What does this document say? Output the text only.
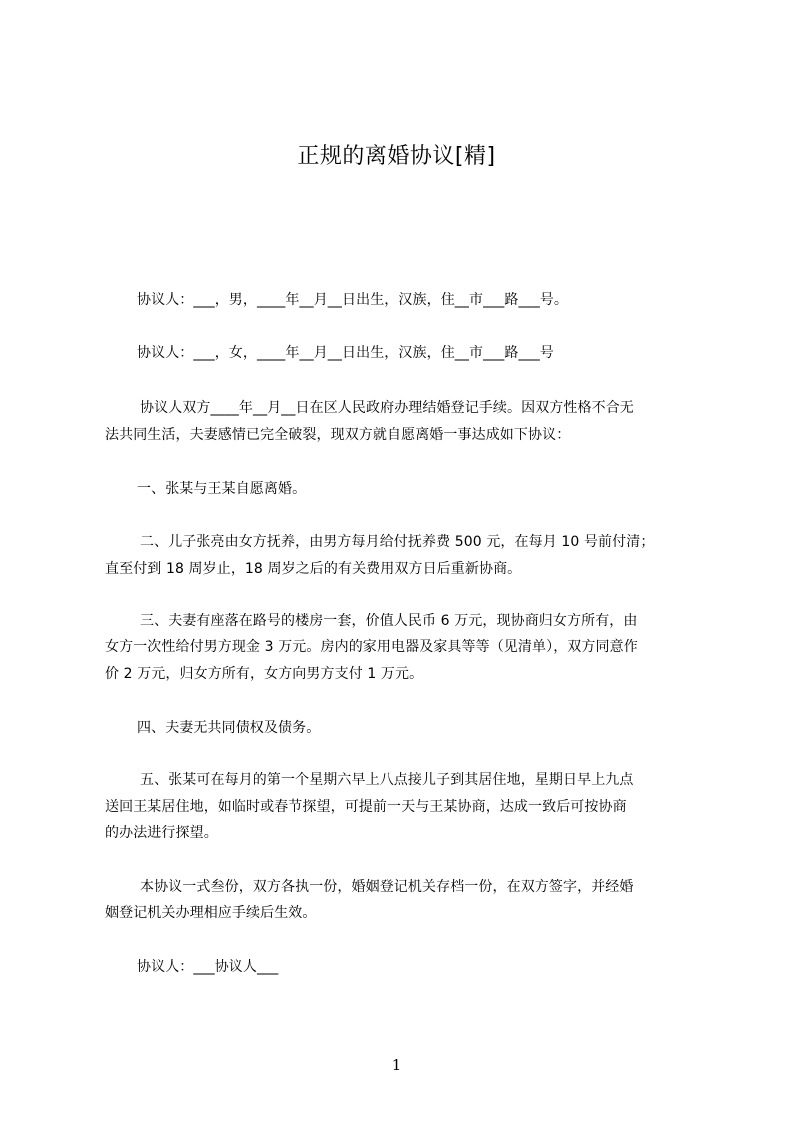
正规的离婚协议[精]
协议人：___，男，____年__月__日出生，汉族，住__市___路___号。
协议人：___，女，____年__月__日出生，汉族，住__市___路___号
协议人双方____年__月__日在区人民政府办理结婚登记手续。因双方性格不合无
法共同生活，夫妻感情已完全破裂，现双方就自愿离婚一事达成如下协议：
一、张某与王某自愿离婚。
二、儿子张亮由女方抚养，由男方每月给付抚养费 500 元，在每月 10 号前付清；
直至付到 18 周岁止，18 周岁之后的有关费用双方日后重新协商。
三、夫妻有座落在路号的楼房一套，价值人民币 6 万元，现协商归女方所有，由
女方一次性给付男方现金 3 万元。房内的家用电器及家具等等（见清单），双方同意作
价 2 万元，归女方所有，女方向男方支付 1 万元。
四、夫妻无共同债权及债务。
五、张某可在每月的第一个星期六早上八点接儿子到其居住地，星期日早上九点
送回王某居住地，如临时或春节探望，可提前一天与王某协商，达成一致后可按协商
的办法进行探望。
本协议一式叁份，双方各执一份，婚姻登记机关存档一份，在双方签字，并经婚
姻登记机关办理相应手续后生效。
协议人：___协议人___
1
